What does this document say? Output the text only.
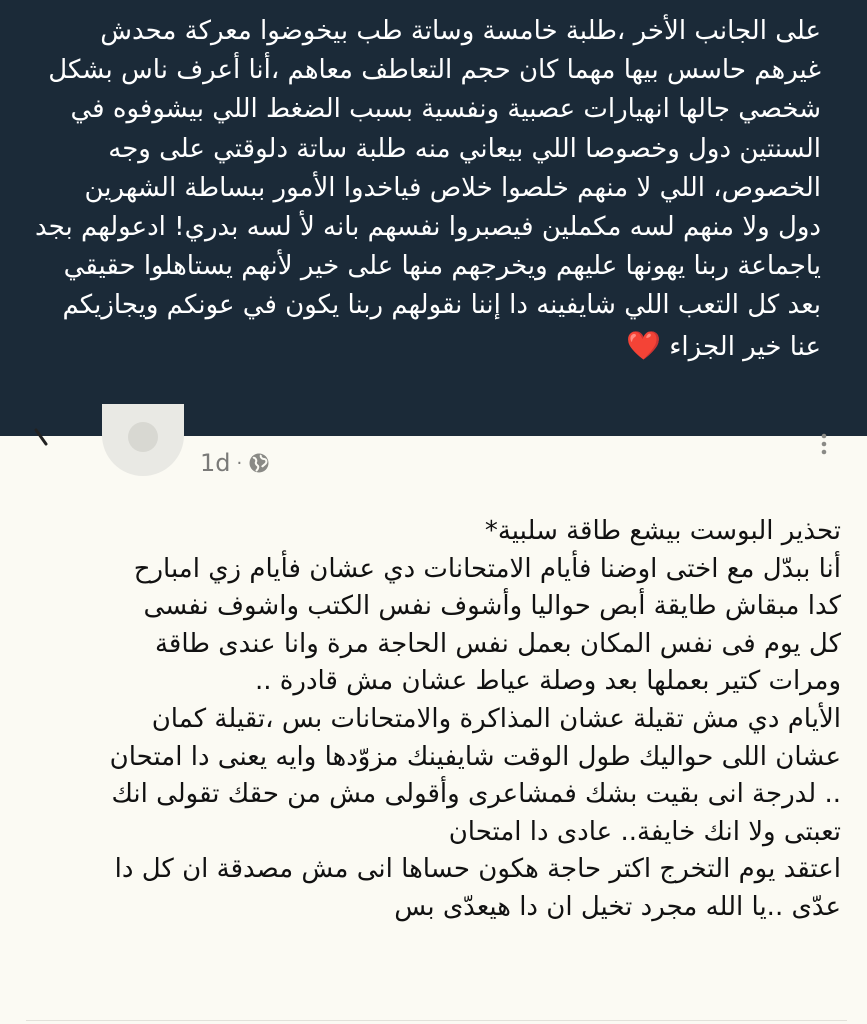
على الجانب الأخر ،طلبة خامسة وساتة طب بيخوضوا معركة محدش
غيرهم حاسس بيها مهما كان حجم التعاطف معاهم ،أنا أعرف ناس بشكل
شخصي جالها انهيارات عصبية ونفسية بسبب الضغط اللي بيشوفوه في
السنتين دول وخصوصا اللي بيعاني منه طلبة ساتة دلوقتي على وجه
الخصوص، اللي لا منهم خلصوا خلاص فياخدوا الأمور ببساطة الشهرين
دول ولا منهم لسه مكملين فيصبروا نفسهم بانه لأ لسه بدري! ادعولهم بجد
ياجماعة ربنا يهونها عليهم ويخرجهم منها على خير لأنهم يستاهلوا حقيقي
بعد كل التعب اللي شايفينه دا إننا نقولهم ربنا يكون في عونكم ويجازيكم
عنا خير الجزاء ❤️
1d ·
تحذير البوست بيشع طاقة سلبية*
أنا ببدّل مع اختى اوضنا فأيام الامتحانات دي عشان فأيام زي امبارح
كدا مبقاش طايقة أبص حواليا وأشوف نفس الكتب واشوف نفسى
كل يوم فى نفس المكان بعمل نفس الحاجة مرة وانا عندى طاقة
ومرات كتير بعملها بعد وصلة عياط عشان مش قادرة ..
الأيام دي مش تقيلة عشان المذاكرة والامتحانات بس ،تقيلة كمان
عشان اللى حواليك طول الوقت شايفينك مزوّدها وايه يعنى دا امتحان
.. لدرجة انى بقيت بشك فمشاعرى وأقولى مش من حقك تقولى انك
تعبتى ولا انك خايفة.. عادى دا امتحان
اعتقد يوم التخرج اكتر حاجة هكون حساها انى مش مصدقة ان كل دا
عدّى ..يا الله مجرد تخيل ان دا هيعدّى بس
